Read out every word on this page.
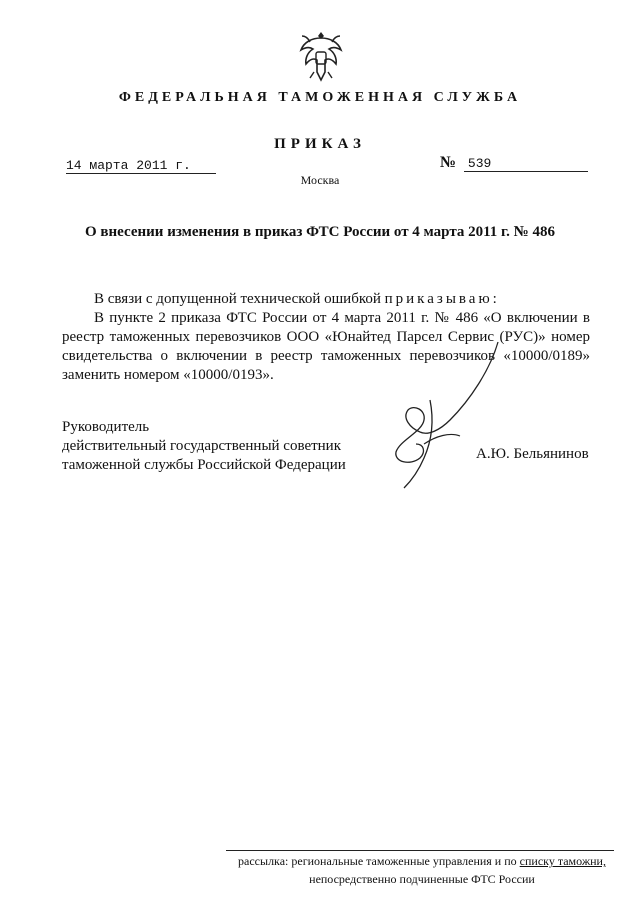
ФЕДЕРАЛЬНАЯ ТАМОЖЕННАЯ СЛУЖБА
ПРИКАЗ
14 марта 2011 г.	№ 539
Москва
О внесении изменения в приказ ФТС России от 4 марта 2011 г. № 486

В связи с допущенной технической ошибкой приказываю:

В пункте 2 приказа ФТС России от 4 марта 2011 г. № 486 «О включении в реестр таможенных перевозчиков ООО «Юнайтед Парсел Сервис (РУС)» номер свидетельства о включении в реестр таможенных перевозчиков «10000/0189» заменить номером «10000/0193».

Руководитель
действительный государственный советник
таможенной службы Российской Федерации
А.Ю. Бельянинов
рассылка: региональные таможенные управления и по списку таможни,
непосредственно подчиненные ФТС России
